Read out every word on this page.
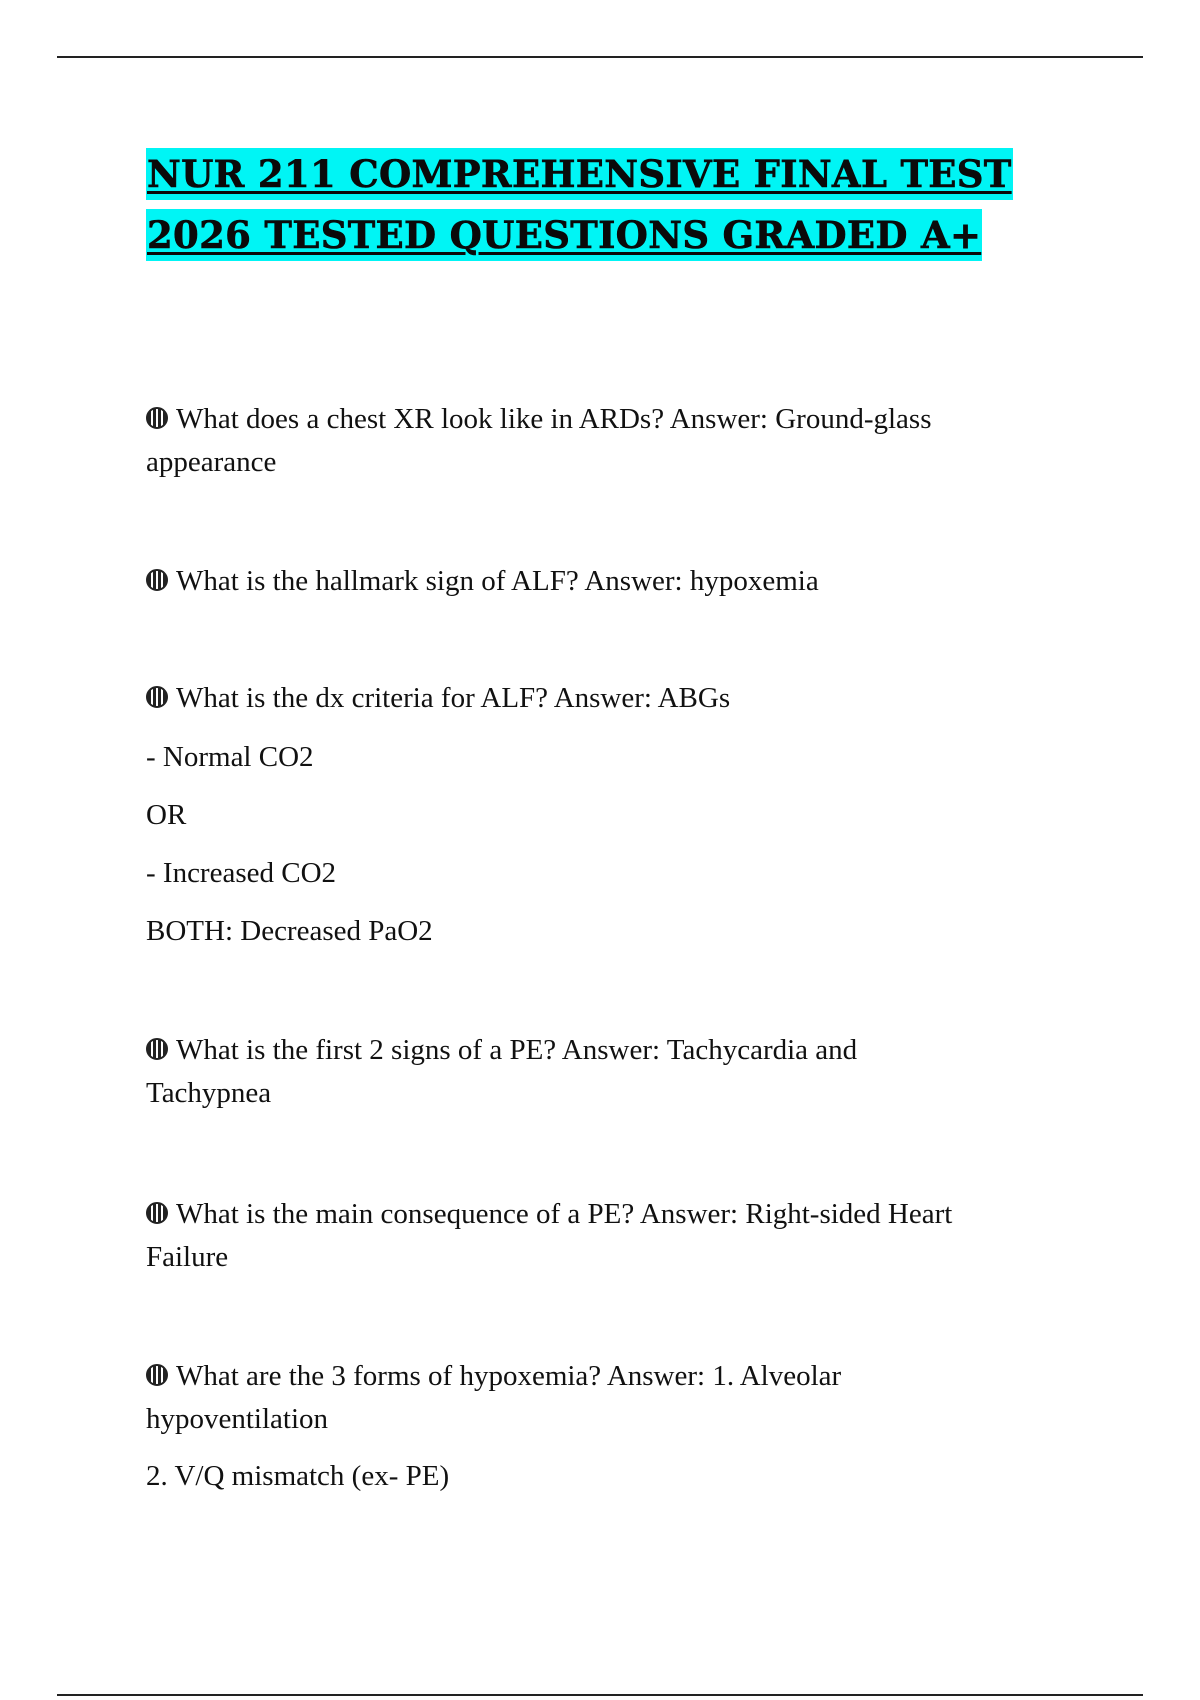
NUR 211 COMPREHENSIVE FINAL TEST
2026 TESTED QUESTIONS GRADED A+

What does a chest XR look like in ARDs? Answer: Ground-glass

appearance

What is the hallmark sign of ALF? Answer: hypoxemia

What is the dx criteria for ALF? Answer: ABGs

- Normal CO2

OR

- Increased CO2

BOTH: Decreased PaO2

What is the first 2 signs of a PE? Answer: Tachycardia and

Tachypnea

What is the main consequence of a PE? Answer: Right-sided Heart

Failure

What are the 3 forms of hypoxemia? Answer: 1. Alveolar

hypoventilation

2. V/Q mismatch (ex- PE)
